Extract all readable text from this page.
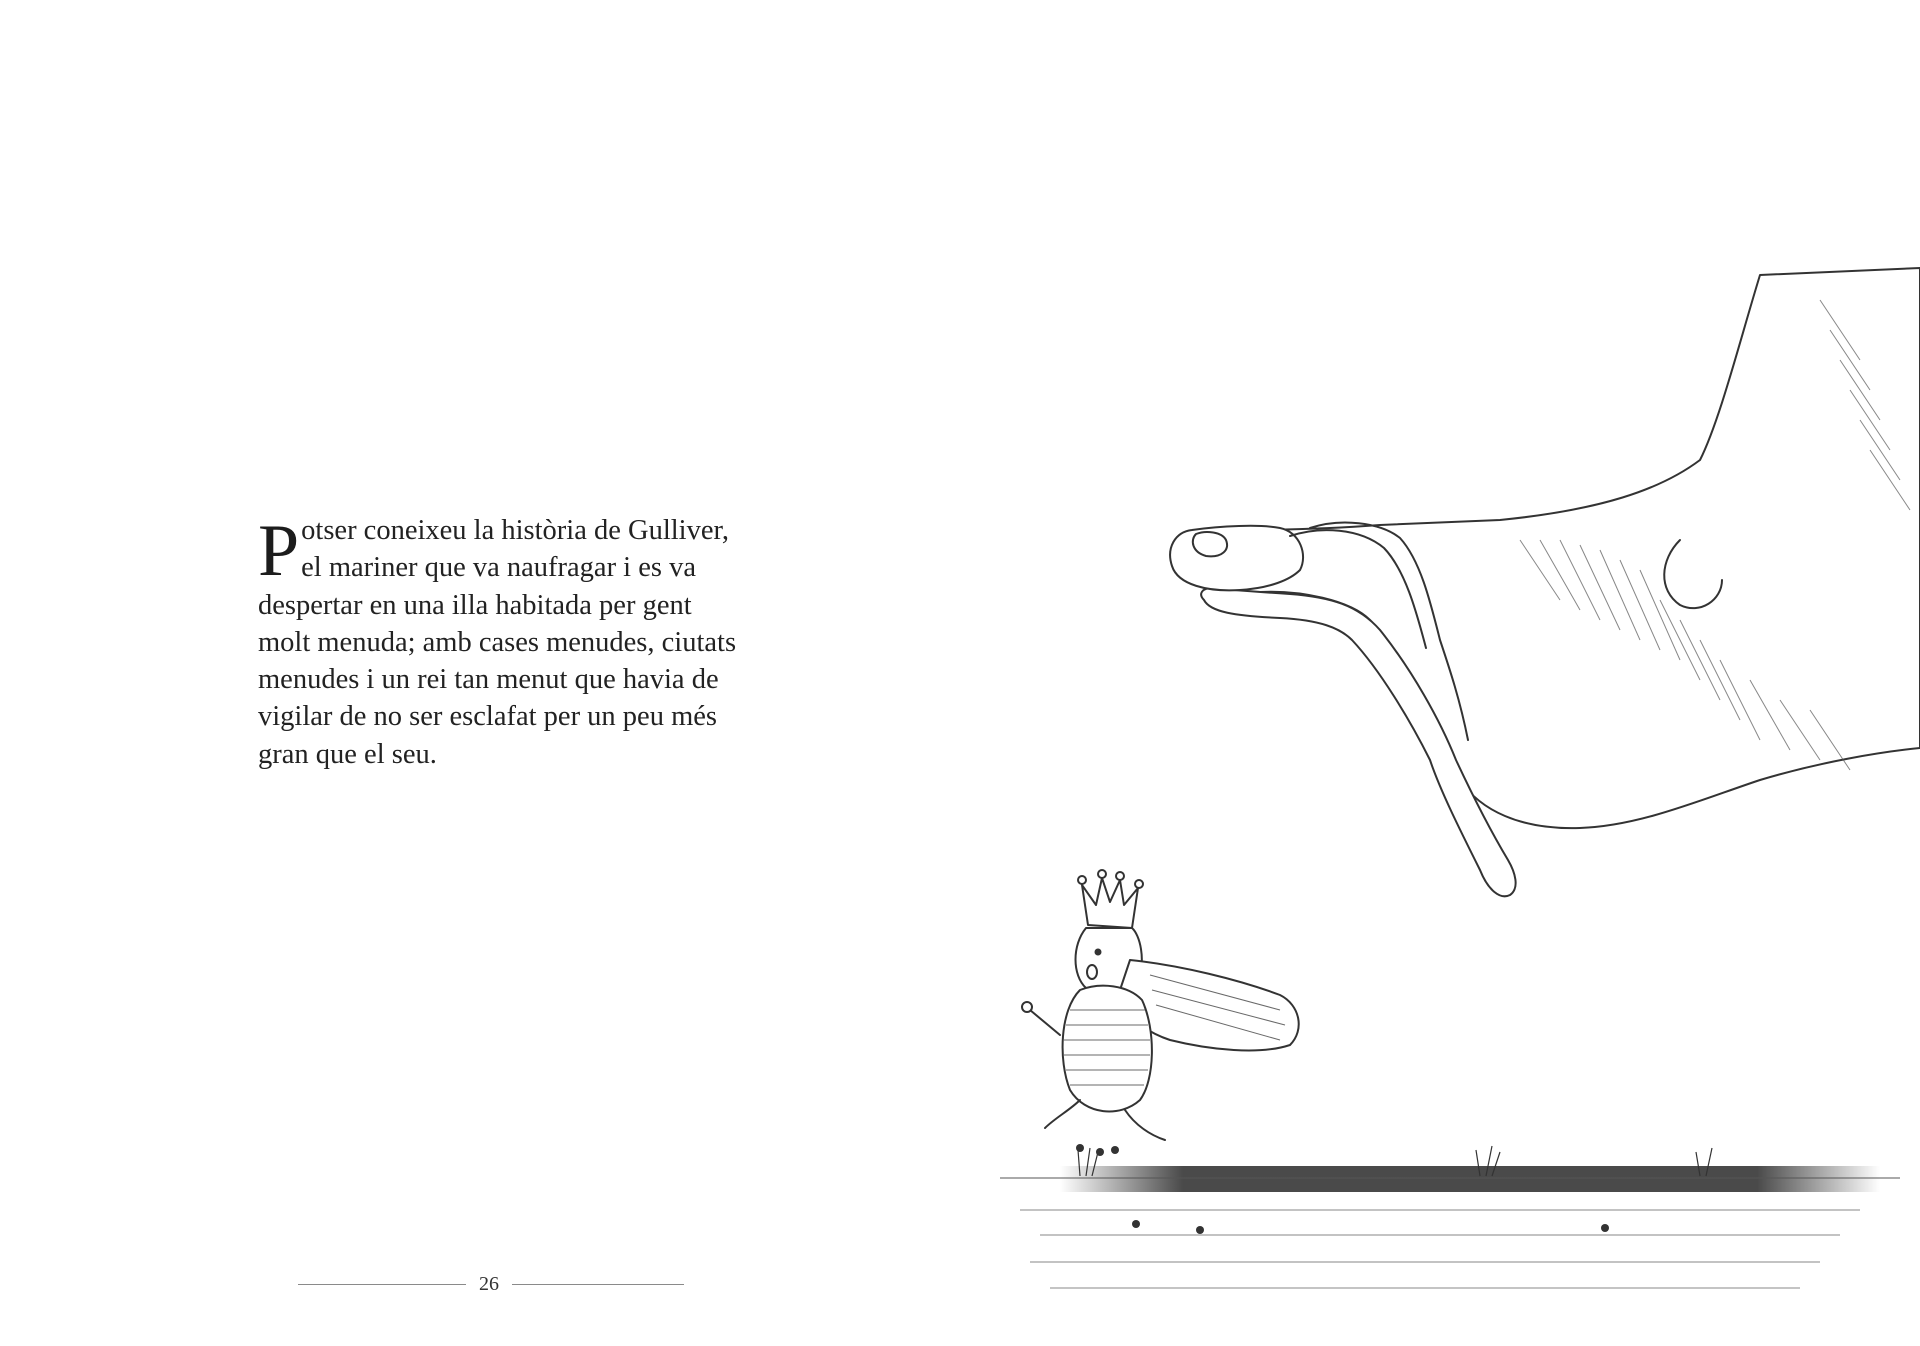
Potser coneixeu la història de Gulliver, el mariner que va naufragar i es va despertar en una illa habitada per gent molt menuda; amb cases menudes, ciutats menudes i un rei tan menut que havia de vigilar de no ser esclafat per un peu més gran que el seu.

26
